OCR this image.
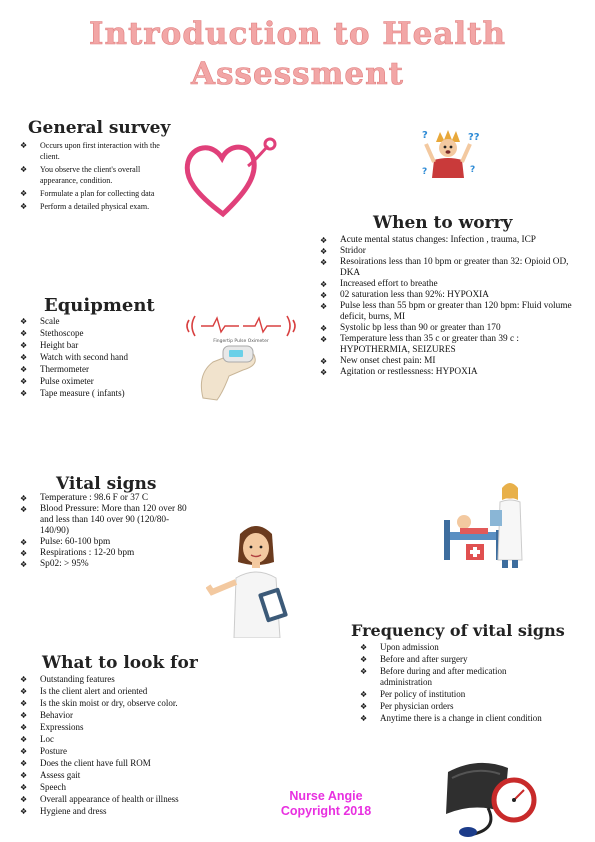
Introduction to Health
Assessment
General survey
❖ Occurs upon first interaction with the client.
❖ You observe the client's overall appearance, condition.
❖ Formulate a plan for collecting data
❖ Perform a detailed physical exam.
?	??
?	?
When to worry
❖ Acute mental status changes: Infection , trauma, ICP
❖ Stridor
❖ Resoirations less than 10 bpm or greater than 32: Opioid OD, DKA
❖ Increased effort to breathe
❖ 02 saturation less than 92%: HYPOXIA
❖ Pulse less than 55 bpm or greater than 120 bpm: Fluid volume deficit, burns, MI
❖ Systolic bp less than 90 or greater than 170
❖ Temperature less than 35 c or greater than 39 c : HYPOTHERMIA, SEIZURES
❖ New onset chest pain: MI
❖ Agitation or restlessness: HYPOXIA
Equipment
❖ Scale
❖ Stethoscope
❖ Height bar
❖ Watch with second hand
❖ Thermometer
❖ Pulse oximeter
❖ Tape measure ( infants)
Fingertip Pulse Oximeter
Vital signs
❖ Temperature : 98.6 F or 37 C
❖ Blood Pressure: More than 120 over 80 and less than 140 over 90 (120/80-140/90)
❖ Pulse: 60-100 bpm
❖ Respirations : 12-20 bpm
❖ Sp02: > 95%
Frequency of vital signs
❖ Upon admission
❖ Before and after surgery
❖ Before during and after medication administration
❖ Per policy of institution
❖ Per physician orders
❖ Anytime there is a change in client condition
What to look for
❖ Outstanding features
❖ Is the client alert and oriented
❖ Is the skin moist or dry, observe color.
❖ Behavior
❖ Expressions
❖ Loc
❖ Posture
❖ Does the client have full ROM
❖ Assess gait
❖ Speech
❖ Overall appearance of health or illness
❖ Hygiene and dress
Nurse Angie
Copyright 2018
